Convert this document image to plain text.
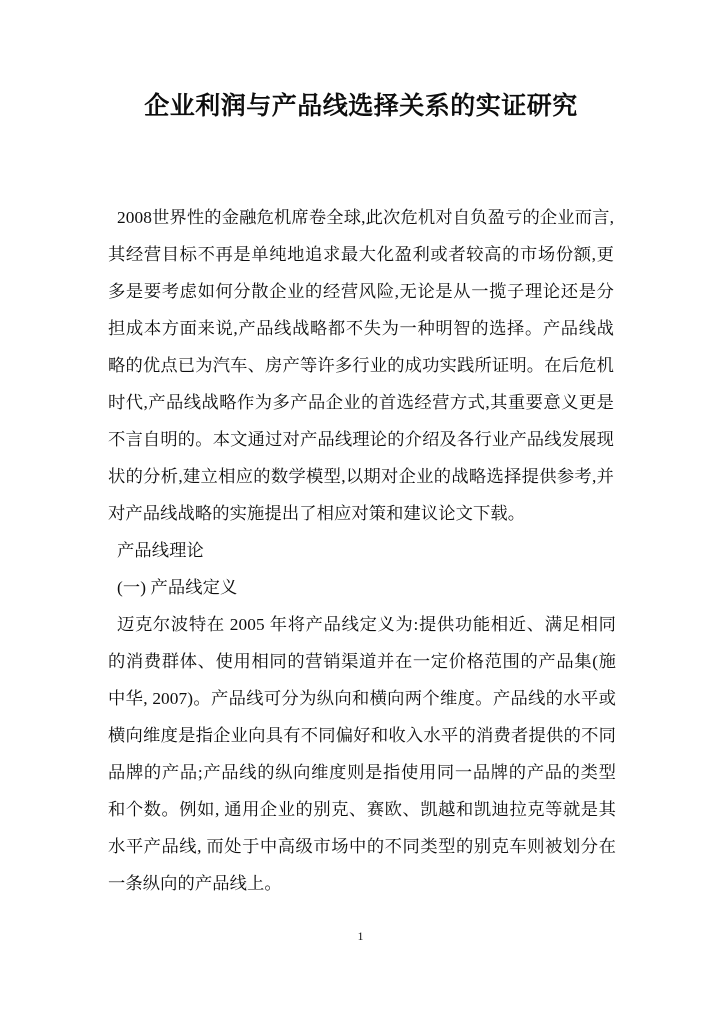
企业利润与产品线选择关系的实证研究

2008世界性的金融危机席卷全球,此次危机对自负盈亏的企业而言,其经营目标不再是单纯地追求最大化盈利或者较高的市场份额,更多是要考虑如何分散企业的经营风险,无论是从一揽子理论还是分担成本方面来说,产品线战略都不失为一种明智的选择。产品线战略的优点已为汽车、房产等许多行业的成功实践所证明。在后危机时代,产品线战略作为多产品企业的首选经营方式,其重要意义更是不言自明的。本文通过对产品线理论的介绍及各行业产品线发展现状的分析,建立相应的数学模型,以期对企业的战略选择提供参考,并对产品线战略的实施提出了相应对策和建议论文下载。

产品线理论

(一) 产品线定义

迈克尔波特在 2005 年将产品线定义为:提供功能相近、满足相同的消费群体、使用相同的营销渠道并在一定价格范围的产品集(施中华, 2007)。产品线可分为纵向和横向两个维度。产品线的水平或横向维度是指企业向具有不同偏好和收入水平的消费者提供的不同品牌的产品;产品线的纵向维度则是指使用同一品牌的产品的类型和个数。例如, 通用企业的别克、赛欧、凯越和凯迪拉克等就是其水平产品线, 而处于中高级市场中的不同类型的别克车则被划分在一条纵向的产品线上。

1
